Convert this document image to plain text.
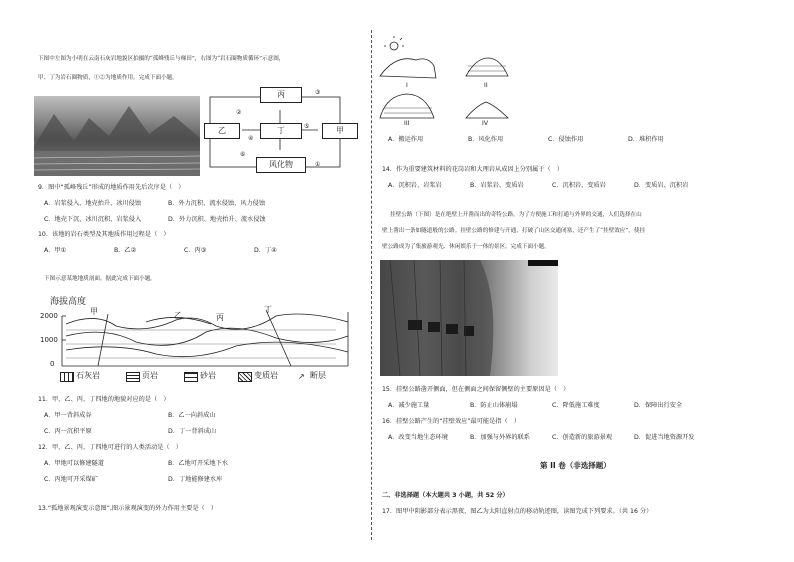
下图中左图为小明在云南石灰岩地貌区拍摄的“孤峰残丘与梯田”，右图为“岩石圈物质循环”示意图，
甲、丁为岩石圈物质，①②为地质作用。完成下面小题。
丙
丁
乙	甲
风化物
③
①
④
⑤
②
⑥
9．图中“孤峰残丘”形成的地质作用先后次序是（　）
A．岩浆侵入、地壳抬升、冰川侵蚀	B．外力沉积、流水侵蚀、风力侵蚀
C．地壳下沉、冰川沉积、岩浆侵入	D．外力沉积、地壳抬升、流水侵蚀
10．该地的岩石类型及其地质作用过程是（　）
A．甲①	B．乙②	C．丙③	D．丁④
下图示意某地地质剖面。据此完成下面小题。
海拔高度
2000
1000
0
甲	乙	丙
丁
石灰岩	页岩	砂岩	变质岩	↗ 断层
11．甲、乙、丙、丁四地的地貌对应的是（　）
A．甲一背斜成谷	B．乙一向斜成山
C．丙一沉积平原	D．丁一背斜成山
12．甲、乙、丙、丁四地可进行的人类活动是（　）
A．甲地可以修建隧道	B．乙地可开采地下水
C．丙地可开采煤矿	D．丁地能修建水库
13.“孤地景观演变示意图”,图示景观演变的外力作用主要是（　）
I	II
III	IV
A．搬运作用	B．风化作用	C．侵蚀作用	D．堆积作用
14．作为重要建筑材料的花岗岩和大理岩从成因上分别属于（　）
A．沉积岩、岩浆岩	B．岩浆岩、变质岩	C．沉积岩、变质岩	D．变质岩、沉积岩
挂壁公路（下图）是在绝壁上开凿而出的奇特公路，为了方便施工和打通与外界的交通，人们选择在山
壁上凿出一条如隧道般的公路。挂壁公路的修建与开通，打破了山区交通闭塞，还产生了“挂壁效应”，使挂
壁公路成为了集旅游观光、休闲娱乐于一体的景区。完成下面小题。
15．挂壁公路凿开侧面，但在侧面之间保留侧壁的主要原因是（　）
A．减少施工量	B．防止山体崩塌	C．降低施工难度	D．保障出行安全
16．挂壁公路产生的“挂壁效应”最可能是指（　）
A．改变当地生态环境	B．加强与外界的联系	C．创造新的旅游景观	D．促进当地资源开发
第 II 卷（非选择题）
二、非选择题（本大题共 3 小题，共 52 分）
17．图甲中阴影部分表示黑夜，图乙为太阳直射点的移动轨迹图，读图完成下列要求。（共 16 分）
